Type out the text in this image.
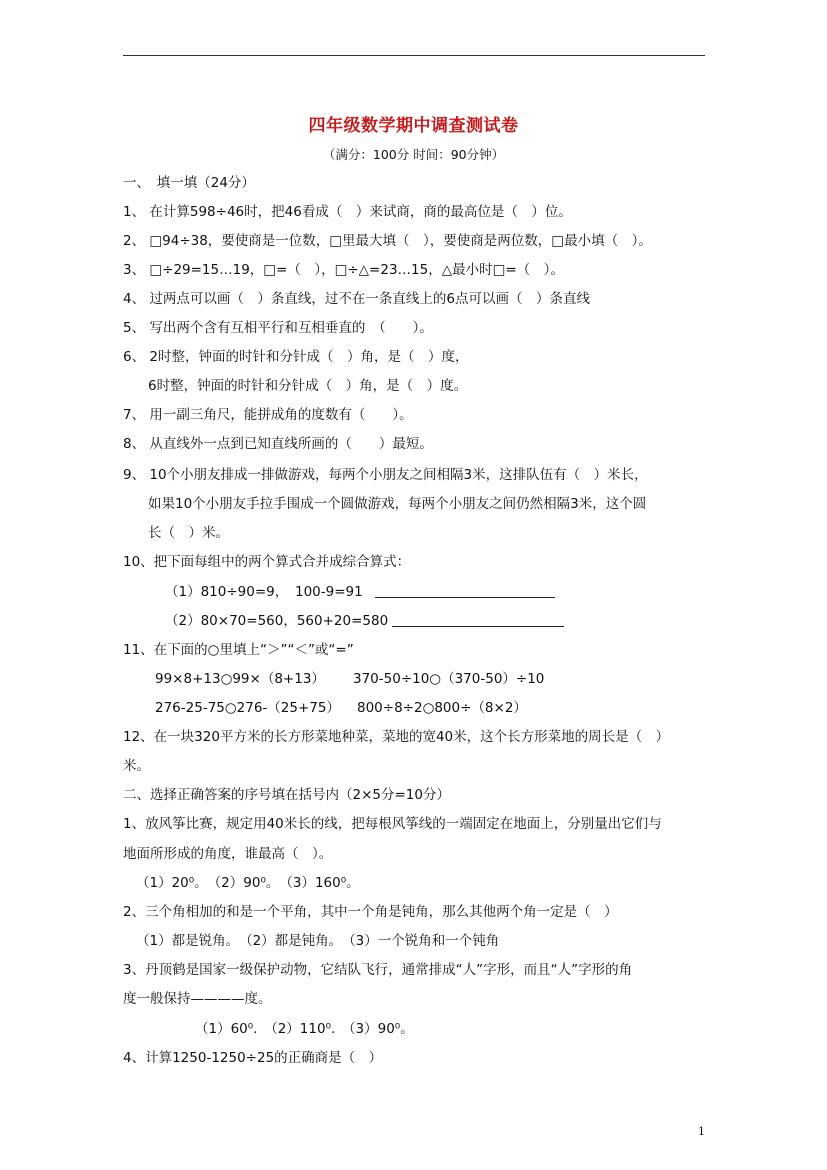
四年级数学期中调查测试卷
（满分：100分 时间：90分钟）
一、　填一填（24分）
1、 在计算598÷46时，把46看成（　）来试商，商的最高位是（　）位。
2、 □94÷38，要使商是一位数，□里最大填（　），要使商是两位数，□最小填（　）。
3、 □÷29=15…19，□=（　），□÷△=23…15，△最小时□=（　）。
4、 过两点可以画（　）条直线，过不在一条直线上的6点可以画（　）条直线
5、 写出两个含有互相平行和互相垂直的　（　　）。
6、 2时整，钟面的时针和分针成（　）角，是（　）度，
6时整，钟面的时针和分针成（　）角，是（　）度。
7、 用一副三角尺，能拼成角的度数有（　　）。
8、 从直线外一点到已知直线所画的（　　）最短。
9、 10个小朋友排成一排做游戏，每两个小朋友之间相隔3米，这排队伍有（　）米长，
如果10个小朋友手拉手围成一个圆做游戏，每两个小朋友之间仍然相隔3米，这个圆
长（　）米。
10、把下面每组中的两个算式合并成综合算式：
（1）810÷90=9，　100-9=91
（2）80×70=560，560+20=580
11、在下面的○里填上“＞”“＜”或“=”
99×8+13○99×（8+13） 370-50÷10○（370-50）÷10
276-25-75○276-（25+75） 800÷8÷2○800÷（8×2）
12、在一块320平方米的长方形菜地种菜，菜地的宽40米，这个长方形菜地的周长是（　）
米。
二、选择正确答案的序号填在括号内（2×5分=10分）
1、放风筝比赛，规定用40米长的线，把每根风筝线的一端固定在地面上，分别量出它们与
地面所形成的角度，谁最高（　）。
（1）20⁰。　（2）90⁰。　（3）160⁰。
2、三个角相加的和是一个平角，其中一个角是钝角，那么其他两个角一定是（　）
（1）都是锐角。　（2）都是钝角。　（3）一个锐角和一个钝角
3、丹顶鹤是国家一级保护动物，它结队飞行，通常排成“人”字形，而且“人”字形的角
度一般保持————度。
（1）60⁰.　（2）110⁰.　（3）90⁰。
4、计算1250-1250÷25的正确商是（　）
1
